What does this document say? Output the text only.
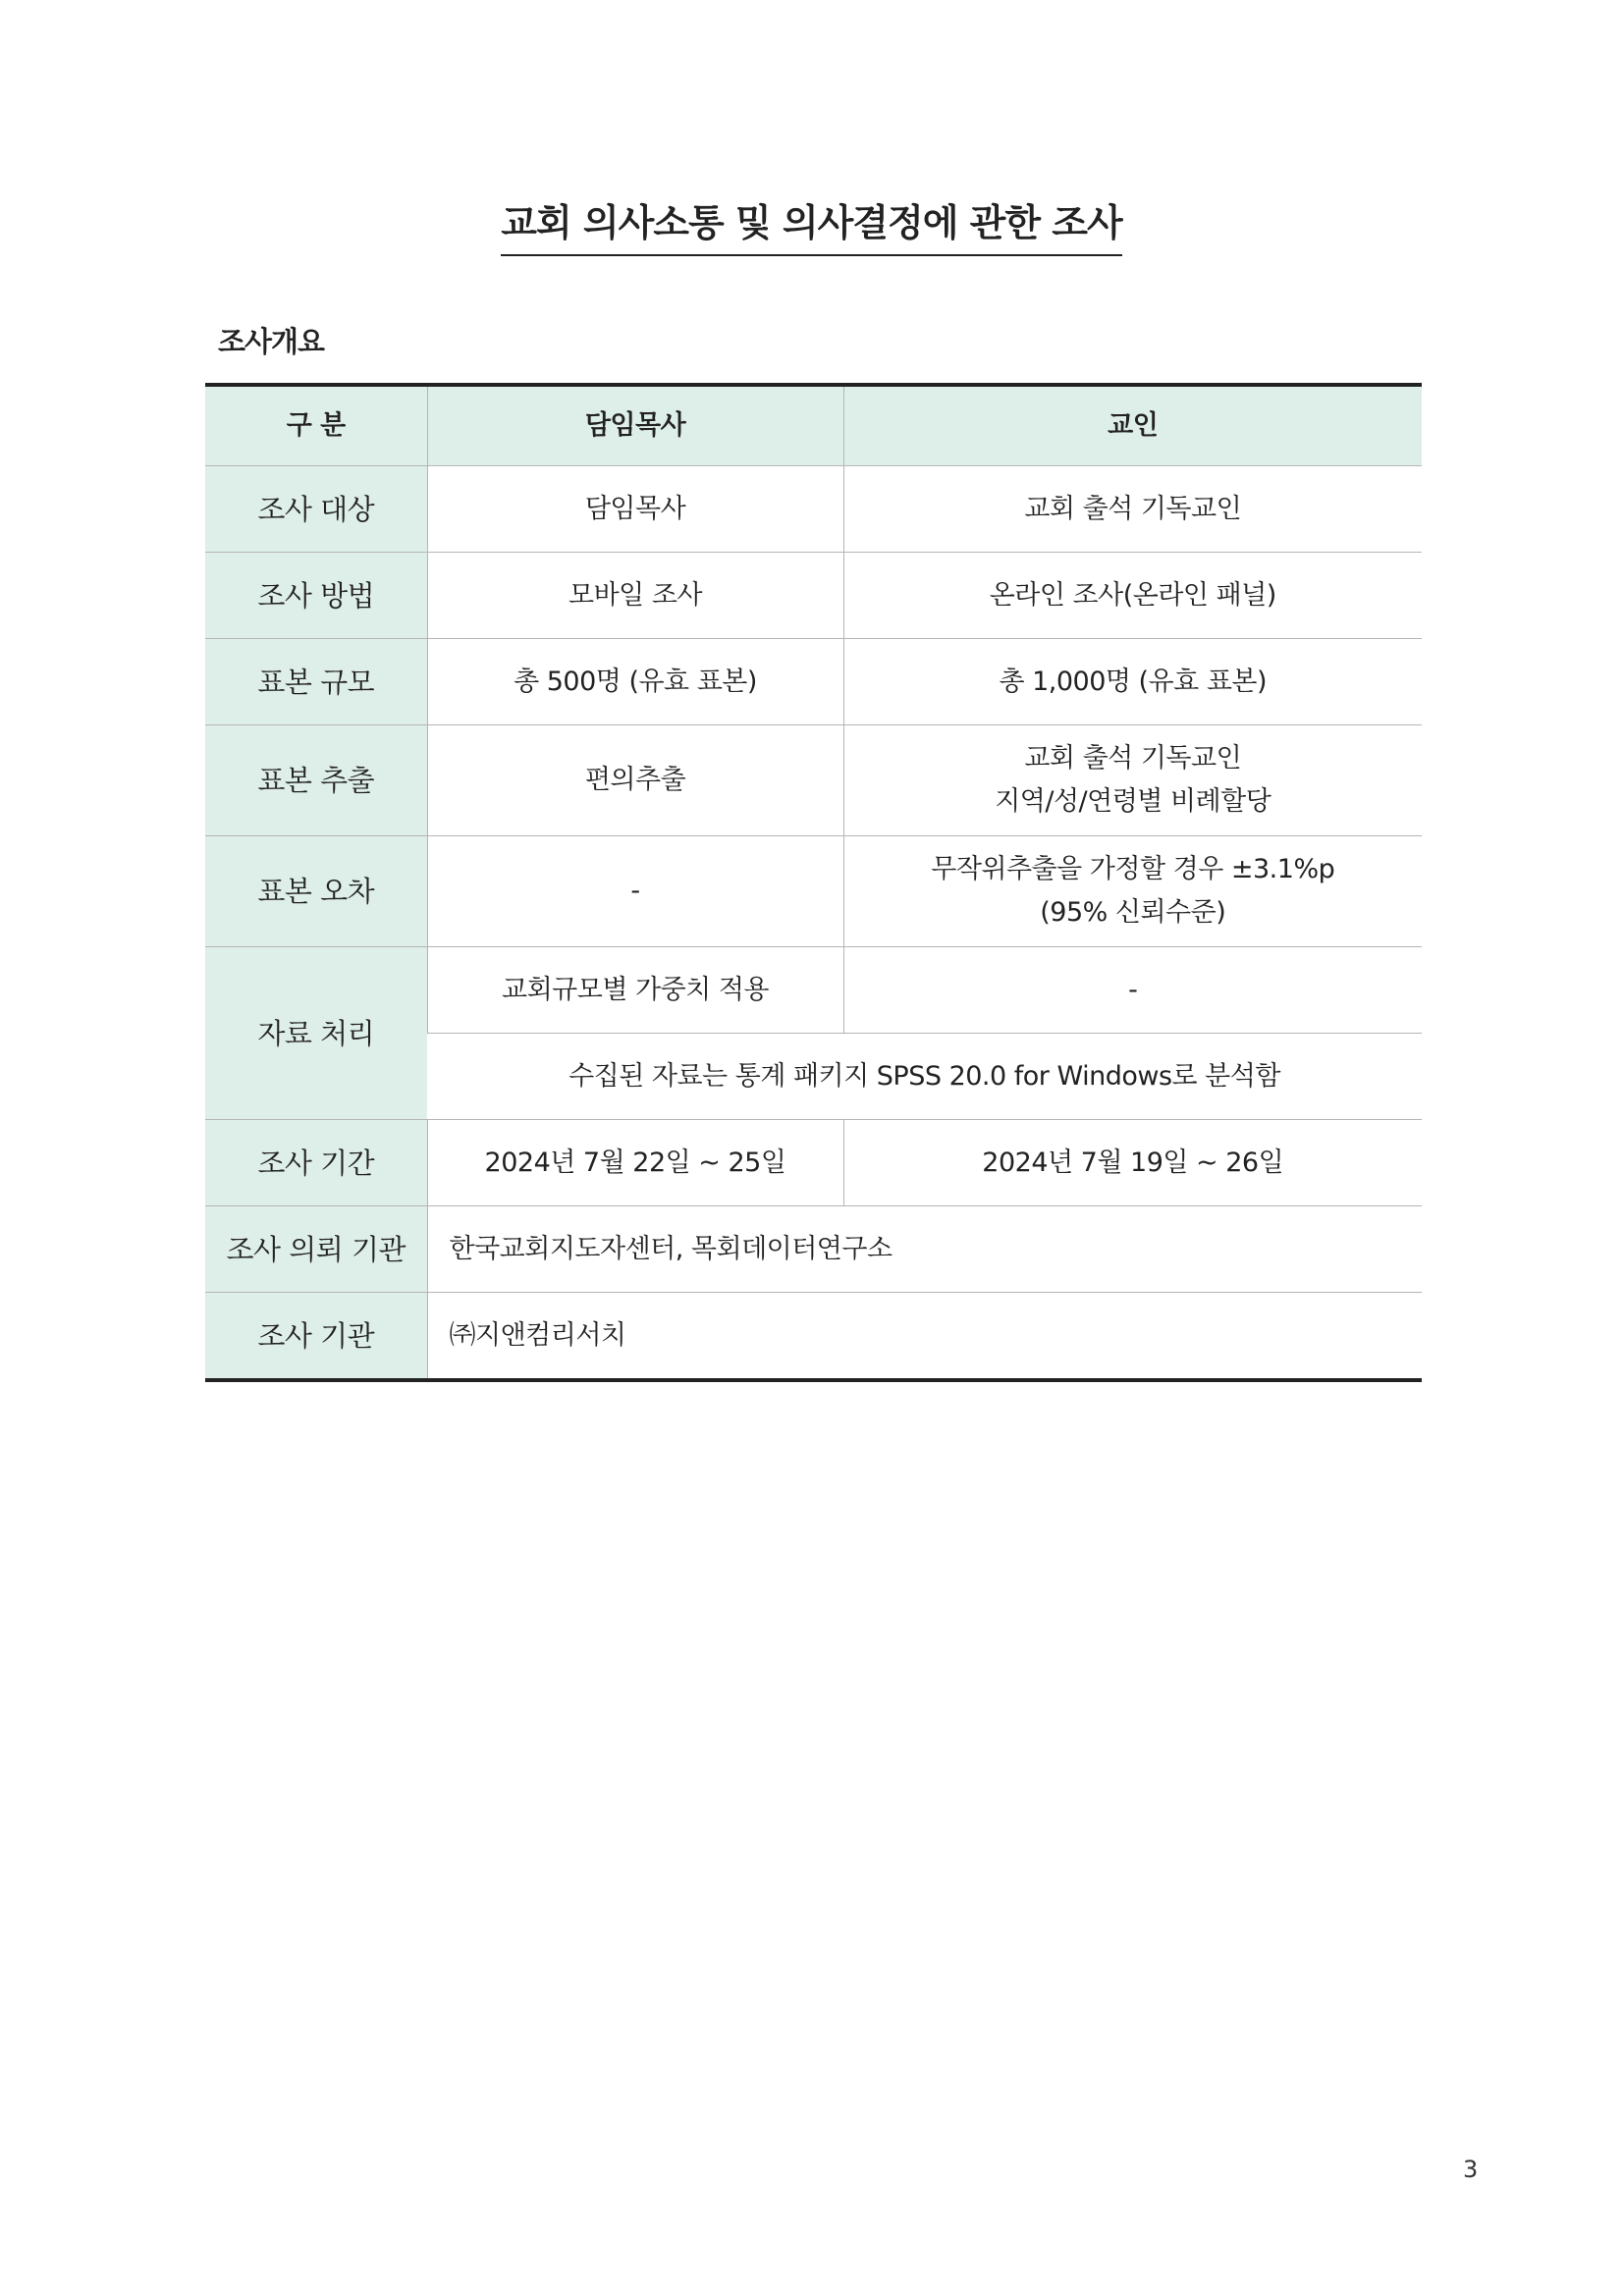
교회 의사소통 및 의사결정에 관한 조사
조사개요
구 분	담임목사	교인
조사 대상	담임목사	교회 출석 기독교인
조사 방법	모바일 조사	온라인 조사(온라인 패널)
표본 규모	총 500명 (유효 표본)	총 1,000명 (유효 표본)
표본 추출	편의추출	교회 출석 기독교인
지역/성/연령별 비례할당

표본 오차	-	무작위추출을 가정할 경우 ±3.1%p
(95% 신뢰수준)

자료 처리	교회규모별 가중치 적용	-
	수집된 자료는 통계 패키지 SPSS 20.0 for Windows로 분석함	
조사 기간	2024년 7월 22일 ~ 25일	2024년 7월 19일 ~ 26일
조사 의뢰 기관	한국교회지도자센터, 목회데이터연구소	
조사 기관	㈜지앤컴리서치	
3
